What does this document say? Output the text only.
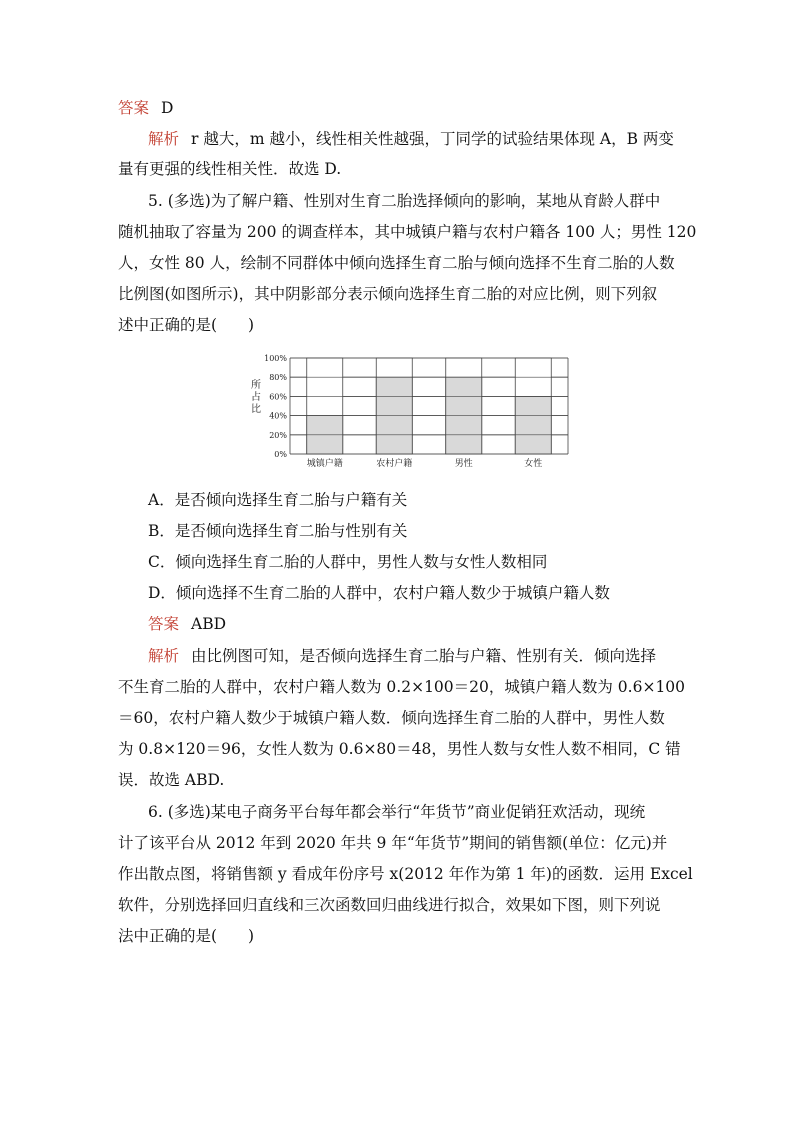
答案 D
解析 r 越大，m 越小，线性相关性越强，丁同学的试验结果体现 A，B 两变
量有更强的线性相关性．故选 D.
5. (多选)为了解户籍、性别对生育二胎选择倾向的影响，某地从育龄人群中
随机抽取了容量为 200 的调查样本，其中城镇户籍与农村户籍各 100 人；男性 120
人，女性 80 人，绘制不同群体中倾向选择生育二胎与倾向选择不生育二胎的人数
比例图(如图所示)，其中阴影部分表示倾向选择生育二胎的对应比例，则下列叙
述中正确的是(　　)
所
占
比
0%
20%
40%
60%
80%
100%
城镇户籍	农村户籍	男性	女性
A．是否倾向选择生育二胎与户籍有关
B．是否倾向选择生育二胎与性别有关
C．倾向选择生育二胎的人群中，男性人数与女性人数相同
D．倾向选择不生育二胎的人群中，农村户籍人数少于城镇户籍人数
答案 ABD
解析 由比例图可知，是否倾向选择生育二胎与户籍、性别有关．倾向选择
不生育二胎的人群中，农村户籍人数为 0.2×100＝20，城镇户籍人数为 0.6×100
＝60，农村户籍人数少于城镇户籍人数．倾向选择生育二胎的人群中，男性人数
为 0.8×120＝96，女性人数为 0.6×80＝48，男性人数与女性人数不相同，C 错
误．故选 ABD.
6. (多选)某电子商务平台每年都会举行“年货节”商业促销狂欢活动，现统
计了该平台从 2012 年到 2020 年共 9 年“年货节”期间的销售额(单位：亿元)并
作出散点图，将销售额 y 看成年份序号 x(2012 年作为第 1 年)的函数．运用 Excel
软件，分别选择回归直线和三次函数回归曲线进行拟合，效果如下图，则下列说
法中正确的是(　　)
